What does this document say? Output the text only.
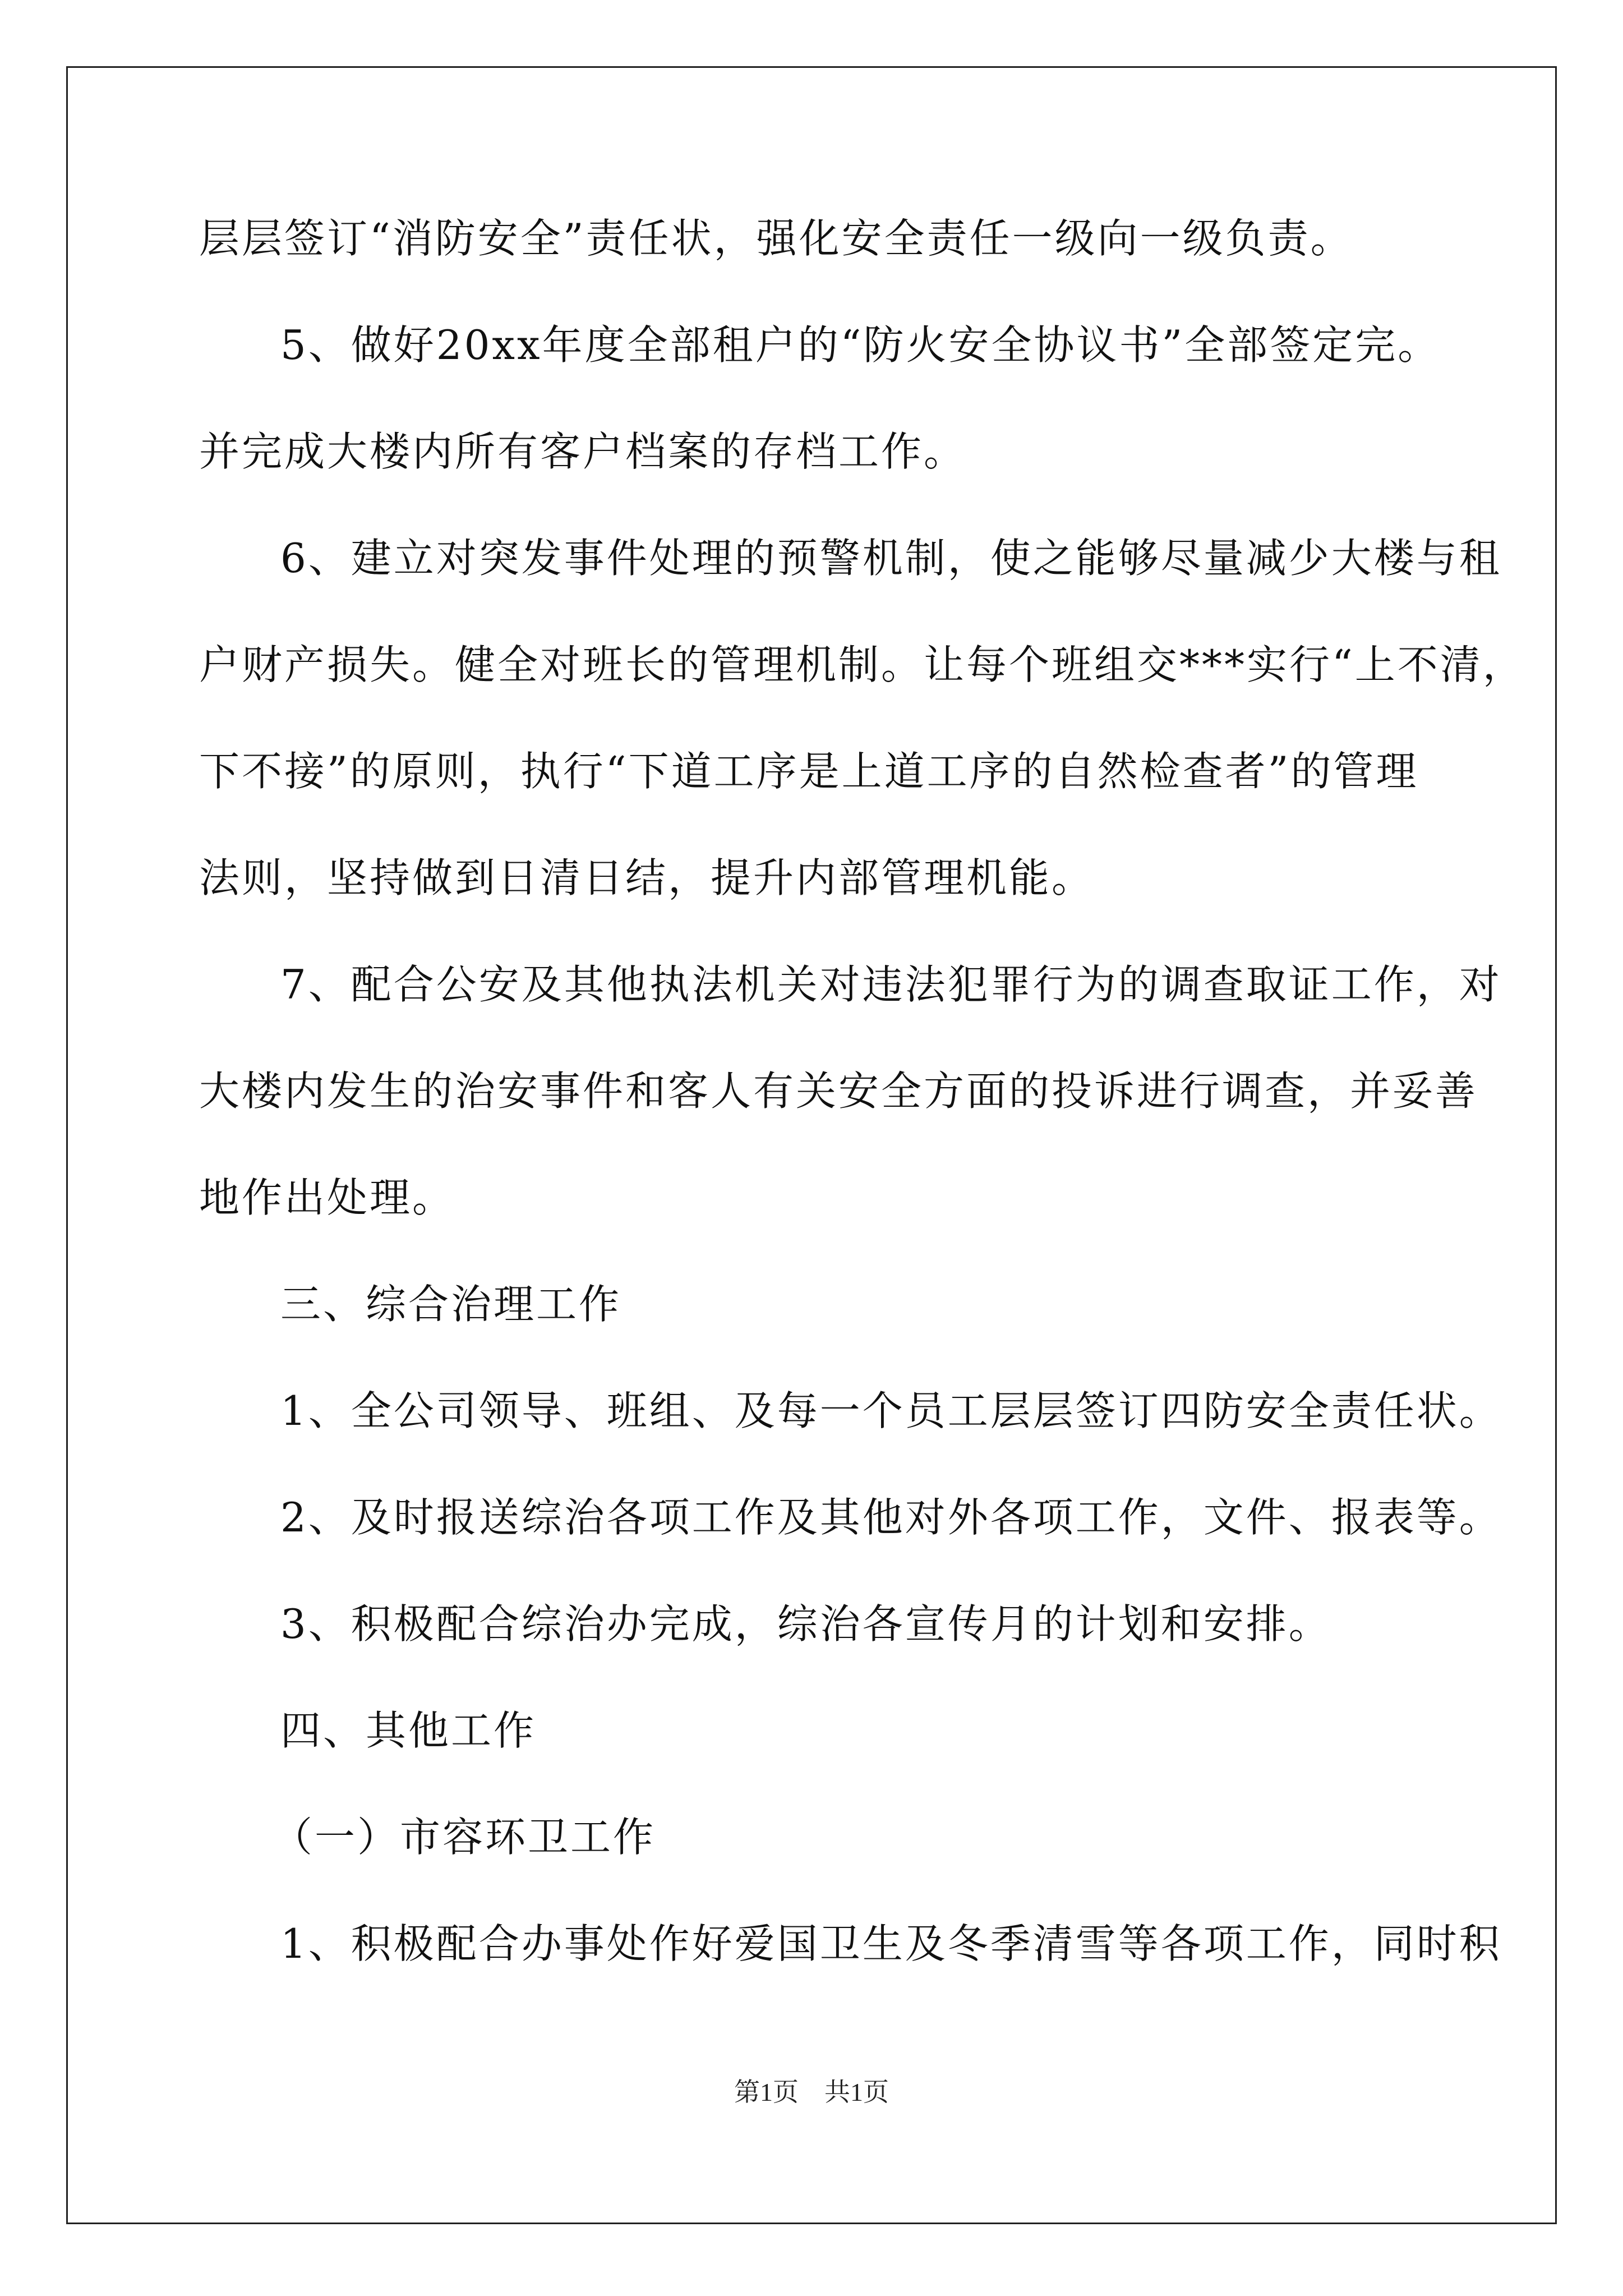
层层签订“消防安全”责任状，强化安全责任一级向一级负责。
5、做好20xx年度全部租户的“防火安全协议书”全部签定完。
并完成大楼内所有客户档案的存档工作。
6、建立对突发事件处理的预警机制，使之能够尽量减少大楼与租
户财产损失。健全对班长的管理机制。让每个班组交***实行“上不清，
下不接”的原则，执行“下道工序是上道工序的自然检查者”的管理
法则，坚持做到日清日结，提升内部管理机能。
7、配合公安及其他执法机关对违法犯罪行为的调查取证工作，对
大楼内发生的治安事件和客人有关安全方面的投诉进行调查，并妥善
地作出处理。
三、综合治理工作
1、全公司领导、班组、及每一个员工层层签订四防安全责任状。
2、及时报送综治各项工作及其他对外各项工作，文件、报表等。
3、积极配合综治办完成，综治各宣传月的计划和安排。
四、其他工作
（一）市容环卫工作
1、积极配合办事处作好爱国卫生及冬季清雪等各项工作，同时积
第1页　共1页
